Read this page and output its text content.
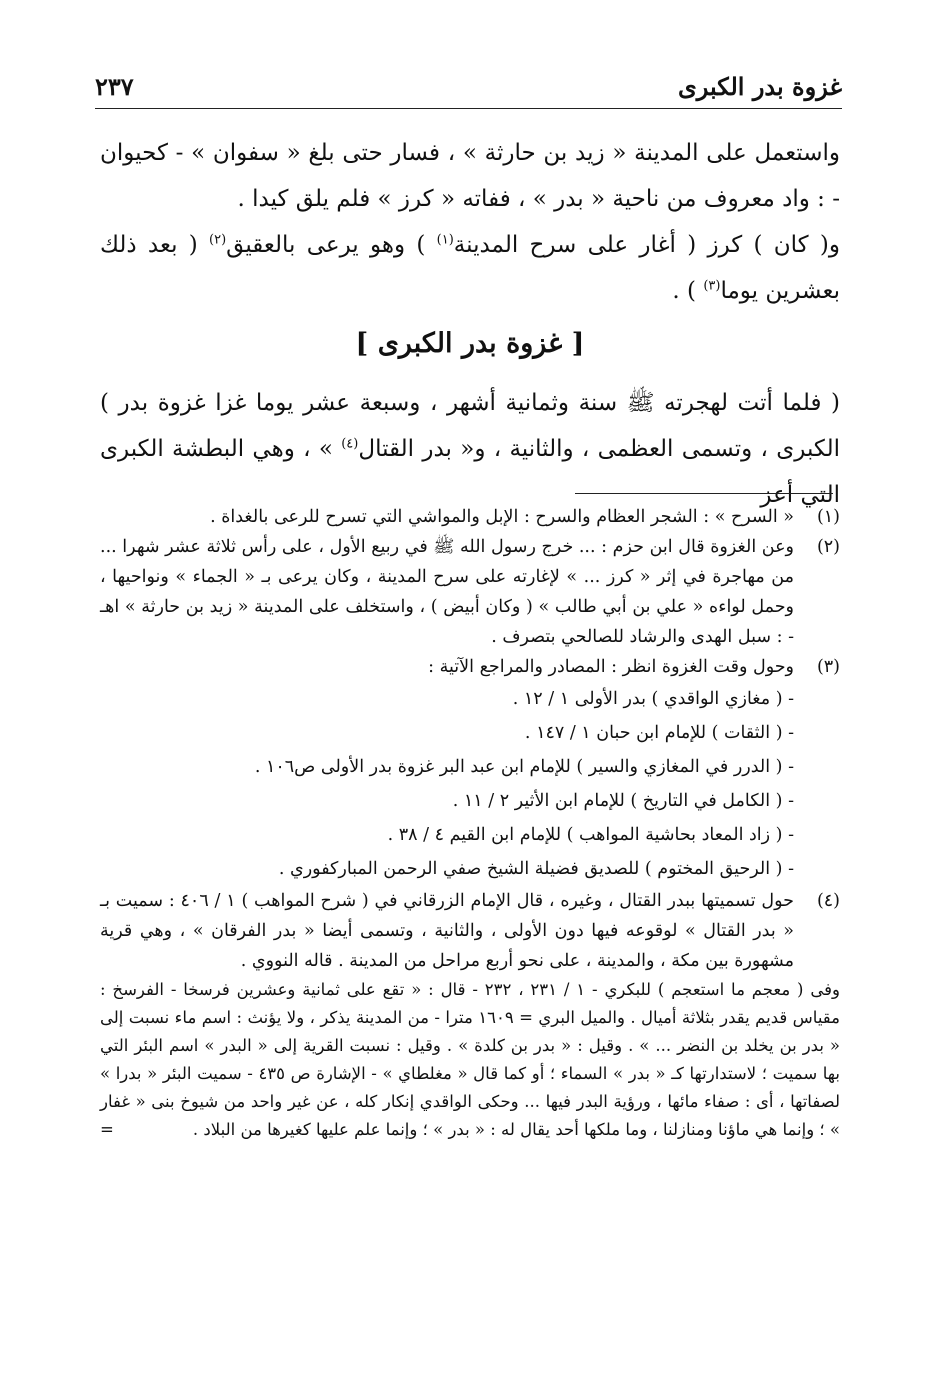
غزوة بدر الكبرى
٢٣٧
واستعمل على المدينة « زيد بن حارثة » ، فسار حتى بلغ « سفوان » - كحيوان - : واد معروف من ناحية « بدر » ، ففاته « كرز » فلم يلق كيدا .
و( كان ) كرز ( أغار على سرح المدينة$^{(١)}$ ) وهو يرعى بالعقيق$^{(٢)}$ ( بعد ذلك بعشرين يوما$^{(٣)}$ ) .
[ غزوة بدر الكبرى ]
( فلما أتت لهجرته ﷺ سنة وثمانية أشهر ، وسبعة عشر يوما غزا غزوة بدر ) الكبرى ، وتسمى العظمى ، والثانية ، و« بدر القتال$^{(٤)}$ » ، وهي البطشة الكبرى التي أعز
(١)
« السرح » : الشجر العظام والسرح : الإبل والمواشي التي تسرح للرعى بالغداة .
(٢)
وعن الغزوة قال ابن حزم : ... خرج رسول الله ﷺ في ربيع الأول ، على رأس ثلاثة عشر شهرا ... من مهاجرة في إثر « كرز ... » لإغارته على سرح المدينة ، وكان يرعى بـ « الجماء » ونواحيها ، وحمل لواءه « علي بن أبي طالب » ( وكان أبيض ) ، واستخلف على المدينة « زيد بن حارثة » اهـ - : سبل الهدى والرشاد للصالحي بتصرف .
(٣)
وحول وقت الغزوة انظر : المصادر والمراجع الآتية :
- ( مغازي الواقدي ) بدر الأولى ١ / ١٢ .
- ( الثقات ) للإمام ابن حبان ١ / ١٤٧ .
- ( الدرر في المغازي والسير ) للإمام ابن عبد البر غزوة بدر الأولى ص١٠٦ .
- ( الكامل في التاريخ ) للإمام ابن الأثير ٢ / ١١ .
- ( زاد المعاد بحاشية المواهب ) للإمام ابن القيم ٤ / ٣٨ .
- ( الرحيق المختوم ) للصديق فضيلة الشيخ صفي الرحمن المباركفوري .
(٤)
حول تسميتها ببدر القتال ، وغيره ، قال الإمام الزرقاني في ( شرح المواهب ) ١ / ٤٠٦ : سميت بـ « بدر القتال » لوقوعه فيها دون الأولى ، والثانية ، وتسمى أيضا « بدر الفرقان » ، وهي قرية مشهورة بين مكة ، والمدينة ، على نحو أربع مراحل من المدينة . قاله النووي .
وفى ( معجم ما استعجم ) للبكري - ١ / ٢٣١ ، ٢٣٢ - قال : « تقع على ثمانية وعشرين فرسخا - الفرسخ : مقياس قديم يقدر بثلاثة أميال . والميل البري = ١٦٠٩ مترا - من المدينة يذكر ، ولا يؤنث : اسم ماء نسبت إلى « بدر بن يخلد بن النضر ... » . وقيل : « بدر بن كلدة » . وقيل : نسبت القرية إلى « البدر » اسم البئر التي بها سميت ؛ لاستدارتها كـ « بدر » السماء ؛ أو كما قال « مغلطاي » - الإشارة ص ٤٣٥ - سميت البئر « بدرا » لصفاتها ، أى : صفاء مائها ، ورؤية البدر فيها ... وحكى الواقدي إنكار كله ، عن غير واحد من شيوخ بنى « غفار » ؛ وإنما هي ماؤنا ومنازلنا ، وما ملكها أحد يقال له : « بدر » ؛ وإنما علم عليها كغيرها من البلاد .
=
